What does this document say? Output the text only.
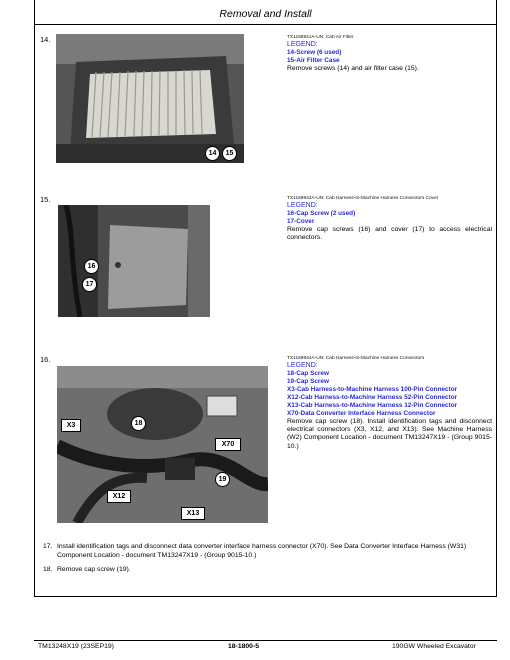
Removal and Install
14.
14	15
TX1158941A-UN: Cab Air Filter
LEGEND:
14-Screw (6 used)
15-Air Filter Case
Remove screws (14) and air filter case (15).
15.
16
17
TX1158943A-UN: Cab Harness-to-Machine Harness Connectors Cover
LEGEND:
16-Cap Screw (2 used)
17-Cover
Remove cap screws (16) and cover (17) to access electrical connectors.
16.
X3	18
X70
19
X12
X13
TX1158944A-UN: Cab Harness-to-Machine Harness Connectors
LEGEND:
18-Cap Screw
19-Cap Screw
X3-Cab Harness-to-Machine Harness 100-Pin Connector
X12-Cab Harness-to-Machine Harness 52-Pin Connector
X13-Cab Harness-to-Machine Harness 12-Pin Connector
X70-Data Converter Interface Harness Connector
Remove cap screw (18). Install identification tags and disconnect electrical connectors (X3, X12, and X13). See Machine Harness (W2) Component Location - document TM13247X19 - (Group 9015-10.)
17. Install identification tags and disconnect data converter interface harness connector (X70). See Data Converter Interface Harness (W31) Component Location - document TM13247X19 - (Group 9015-10.)
18. Remove cap screw (19).
TM13248X19 (23SEP19)	18-1800-5	190GW Wheeled Excavator
